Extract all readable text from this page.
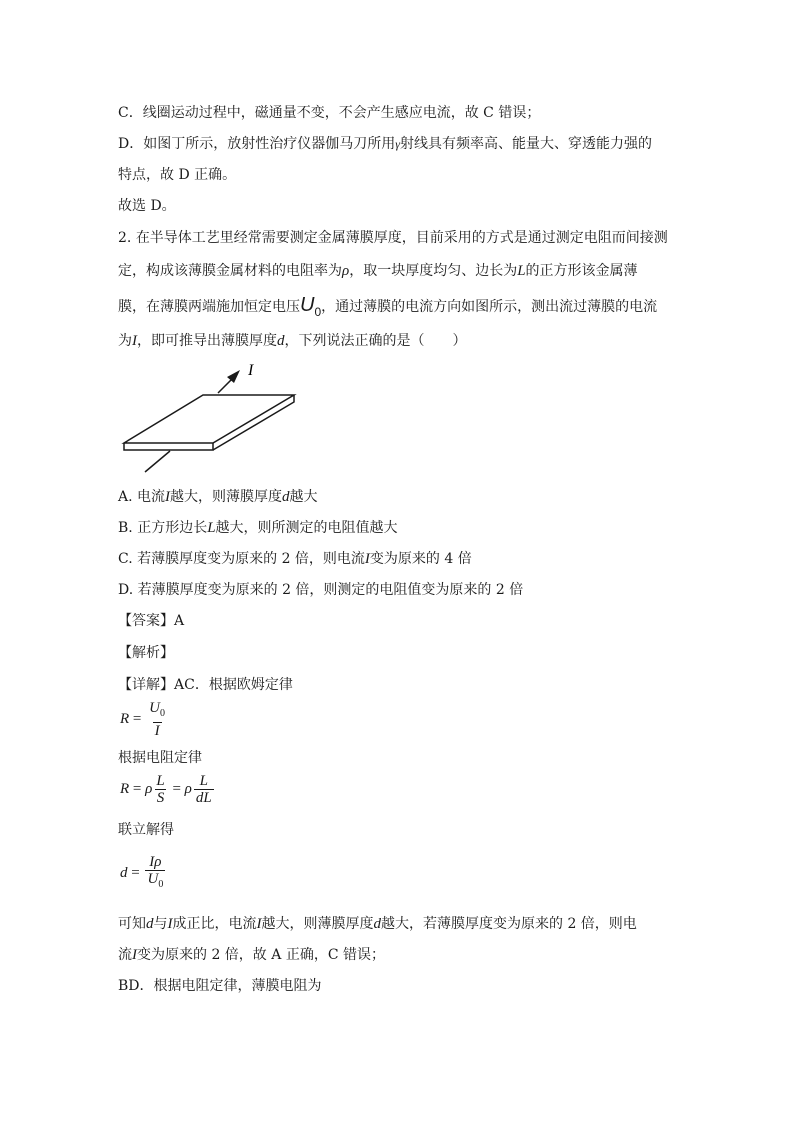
C．线圈运动过程中，磁通量不变，不会产生感应电流，故 C 错误；
D．如图丁所示，放射性治疗仪器伽马刀所用γ射线具有频率高、能量大、穿透能力强的
特点，故 D 正确。
故选 D。
2. 在半导体工艺里经常需要测定金属薄膜厚度，目前采用的方式是通过测定电阻而间接测
定，构成该薄膜金属材料的电阻率为ρ，取一块厚度均匀、边长为L的正方形该金属薄
膜，在薄膜两端施加恒定电压$U_0$，通过薄膜的电流方向如图所示，测出流过薄膜的电流
为I，即可推导出薄膜厚度d，下列说法正确的是（　　）
I
A. 电流I越大，则薄膜厚度d越大
B. 正方形边长L越大，则所测定的电阻值越大
C. 若薄膜厚度变为原来的 2 倍，则电流I变为原来的 4 倍
D. 若薄膜厚度变为原来的 2 倍，则测定的电阻值变为原来的 2 倍
【答案】A
【解析】
【详解】AC．根据欧姆定律
$R = \frac{U_0}{I}$
根据电阻定律
R = ρ $\frac{L}{S} = \rho \frac{L}{dL}$
联立解得
$d = \frac{I\rho}{U_0}$
可知d与I成正比，电流I越大，则薄膜厚度d越大，若薄膜厚度变为原来的 2 倍，则电
流I变为原来的 2 倍，故 A 正确，C 错误；
BD．根据电阻定律，薄膜电阻为
